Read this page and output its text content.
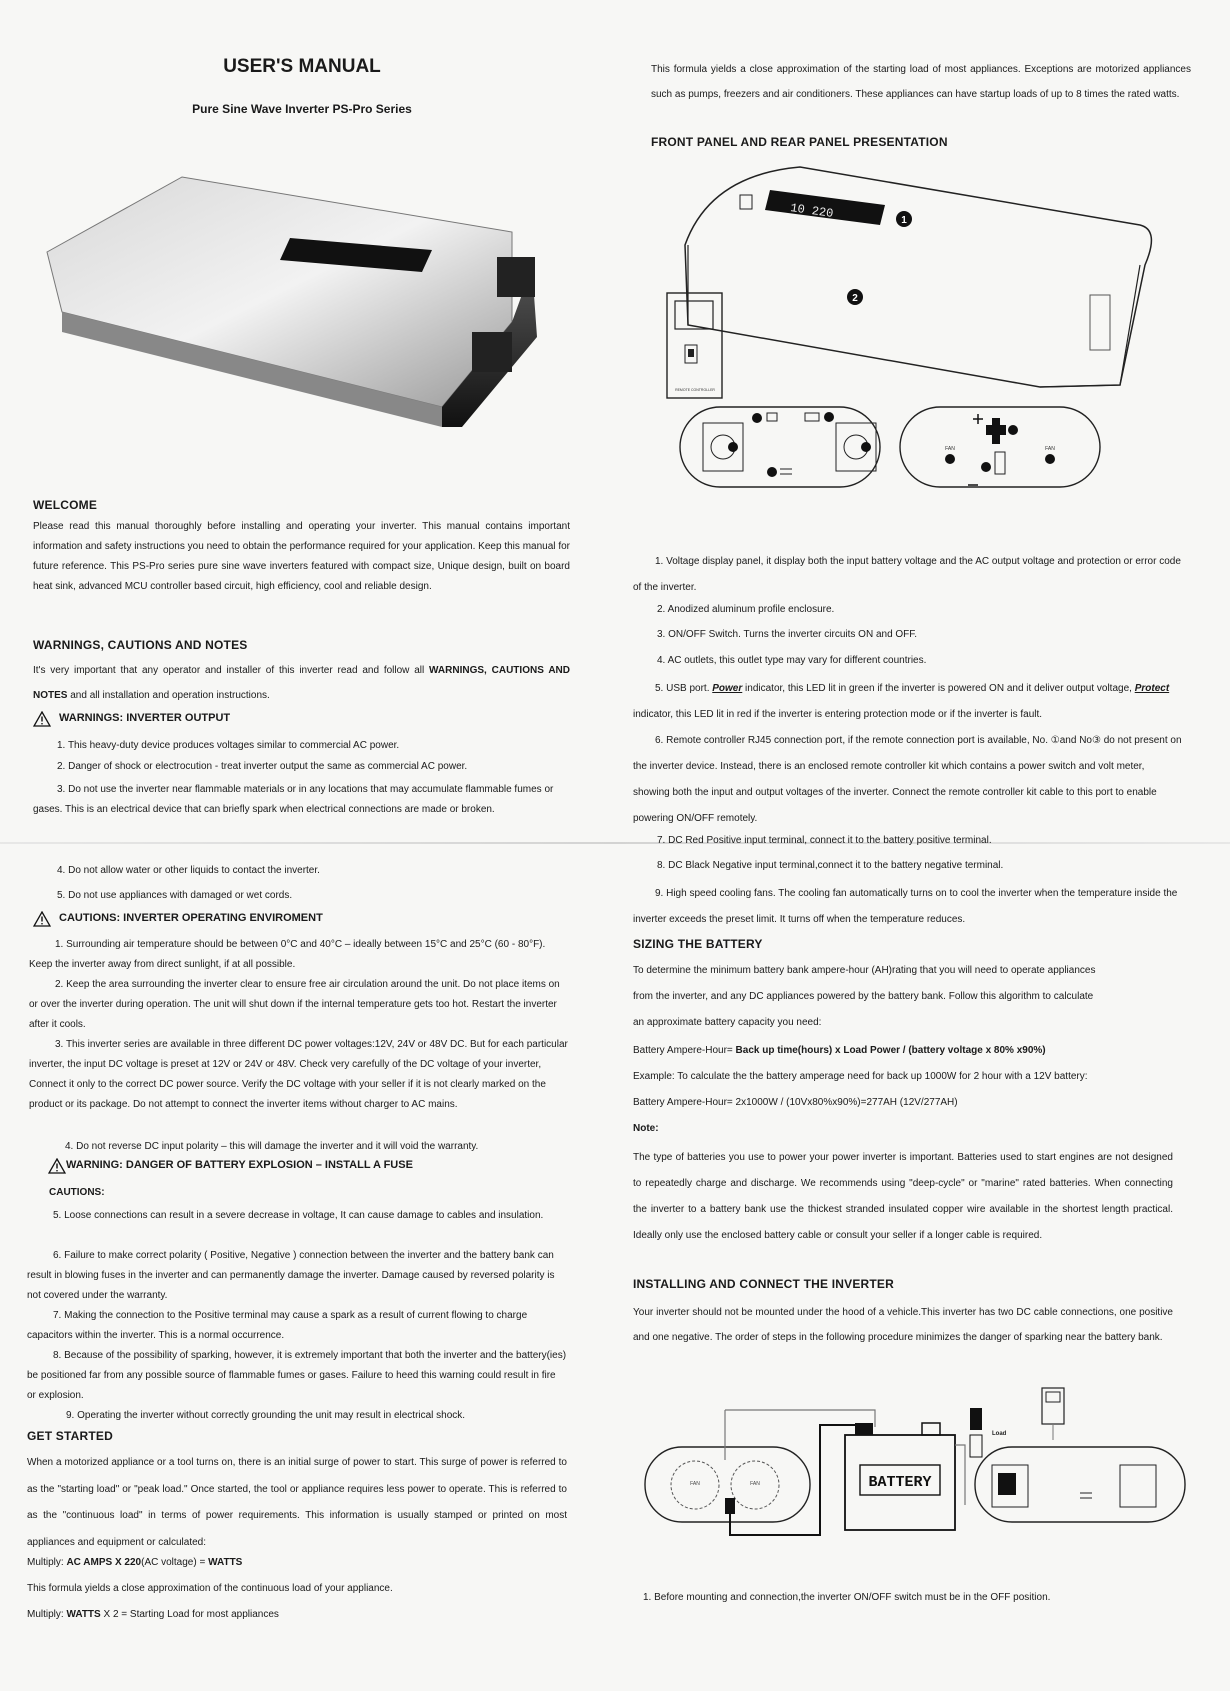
USER'S MANUAL
Pure Sine Wave Inverter PS-Pro Series
WELCOME

Please read this manual thoroughly before installing and operating your inverter. This manual contains important information and safety instructions you need to obtain the performance required for your application. Keep this manual for future reference. This PS-Pro series pure sine wave inverters featured with compact size, Unique design, built on board heat sink, advanced MCU controller based circuit, high efficiency, cool and reliable design.

WARNINGS, CAUTIONS AND NOTES

It's very important that any operator and installer of this inverter read and follow all WARNINGS, CAUTIONS AND NOTES and all installation and operation instructions.

WARNINGS: INVERTER OUTPUT

1. This heavy-duty device produces voltages similar to commercial AC power.

2. Danger of shock or electrocution - treat inverter output the same as commercial AC power.

3. Do not use the inverter near flammable materials or in any locations that may accumulate flammable fumes or gases. This is an electrical device that can briefly spark when electrical connections are made or broken.

4. Do not allow water or other liquids to contact the inverter.

5. Do not use appliances with damaged or wet cords.

CAUTIONS: INVERTER OPERATING ENVIROMENT

1. Surrounding air temperature should be between 0°C and 40°C – ideally between 15°C and 25°C (60 - 80°F). Keep the inverter away from direct sunlight, if at all possible.

2. Keep the area surrounding the inverter clear to ensure free air circulation around the unit. Do not place items on or over the inverter during operation. The unit will shut down if the internal temperature gets too hot. Restart the inverter after it cools.

3. This inverter series are available in three different DC power voltages:12V, 24V or 48V DC. But for each particular inverter, the input DC voltage is preset at 12V or 24V or 48V. Check very carefully of the DC voltage of your inverter, Connect it only to the correct DC power source. Verify the DC voltage with your seller if it is not clearly marked on the product or its package. Do not attempt to connect the inverter items without charger to AC mains.

4. Do not reverse DC input polarity – this will damage the inverter and it will void the warranty.

WARNING: DANGER OF BATTERY EXPLOSION – INSTALL A FUSE

CAUTIONS:

5. Loose connections can result in a severe decrease in voltage, It can cause damage to cables and insulation.

6. Failure to make correct polarity ( Positive, Negative ) connection between the inverter and the battery bank can result in blowing fuses in the inverter and can permanently damage the inverter. Damage caused by reversed polarity is not covered under the warranty.

7. Making the connection to the Positive terminal may cause a spark as a result of current flowing to charge capacitors within the inverter. This is a normal occurrence.

8. Because of the possibility of sparking, however, it is extremely important that both the inverter and the battery(ies) be positioned far from any possible source of flammable fumes or gases. Failure to heed this warning could result in fire or explosion.

9. Operating the inverter without correctly grounding the unit may result in electrical shock.

GET STARTED

When a motorized appliance or a tool turns on, there is an initial surge of power to start. This surge of power is referred to as the "starting load" or "peak load." Once started, the tool or appliance requires less power to operate. This is referred to as the "continuous load" in terms of power requirements. This information is usually stamped or printed on most appliances and equipment or calculated:

Multiply: AC AMPS X 220(AC voltage) = WATTS

This formula yields a close approximation of the continuous load of your appliance.

Multiply: WATTS X 2 = Starting Load for most appliances

This formula yields a close approximation of the starting load of most appliances. Exceptions are motorized appliances such as pumps, freezers and air conditioners. These appliances can have startup loads of up to 8 times the rated watts.

FRONT PANEL AND REAR PANEL PRESENTATION
10 220	1
2
REMOTE CONTROLLER
FAN	FAN

1. Voltage display panel, it display both the input battery voltage and the AC output voltage and protection or error code of the inverter.

2. Anodized aluminum profile enclosure.

3. ON/OFF Switch. Turns the inverter circuits ON and OFF.

4. AC outlets, this outlet type may vary for different countries.

5. USB port. Power indicator, this LED lit in green if the inverter is powered ON and it deliver output voltage, Protect indicator, this LED lit in red if the inverter is entering protection mode or if the inverter is fault.

6. Remote controller RJ45 connection port, if the remote connection port is available, No. ①and No③ do not present on the inverter device. Instead, there is an enclosed remote controller kit which contains a power switch and volt meter, showing both the input and output voltages of the inverter. Connect the remote controller kit cable to this port to enable powering ON/OFF remotely.

7. DC Red Positive input terminal, connect it to the battery positive terminal.

8. DC Black Negative input terminal,connect it to the battery negative terminal.

9. High speed cooling fans. The cooling fan automatically turns on to cool the inverter when the temperature inside the inverter exceeds the preset limit. It turns off when the temperature reduces.

SIZING THE BATTERY

To determine the minimum battery bank ampere-hour (AH)rating that you will need to operate appliances from the inverter, and any DC appliances powered by the battery bank. Follow this algorithm to calculate an approximate battery capacity you need:

Battery Ampere-Hour= Back up time(hours) x Load Power / (battery voltage x 80% x90%)

Example: To calculate the the battery amperage need for back up 1000W for 2 hour with a 12V battery:

Battery Ampere-Hour= 2x1000W / (10Vx80%x90%)=277AH (12V/277AH)

Note:

The type of batteries you use to power your power inverter is important. Batteries used to start engines are not designed to repeatedly charge and discharge. We recommends using "deep-cycle" or "marine" rated batteries. When connecting the inverter to a battery bank use the thickest stranded insulated copper wire available in the shortest length practical. Ideally only use the enclosed battery cable or consult your seller if a longer cable is required.

INSTALLING AND CONNECT THE INVERTER

Your inverter should not be mounted under the hood of a vehicle.This inverter has two DC cable connections, one positive and one negative. The order of steps in the following procedure minimizes the danger of sparking near the battery bank.

FAN	FAN	BATTERY
Load

1. Before mounting and connection,the inverter ON/OFF switch must be in the OFF position.
